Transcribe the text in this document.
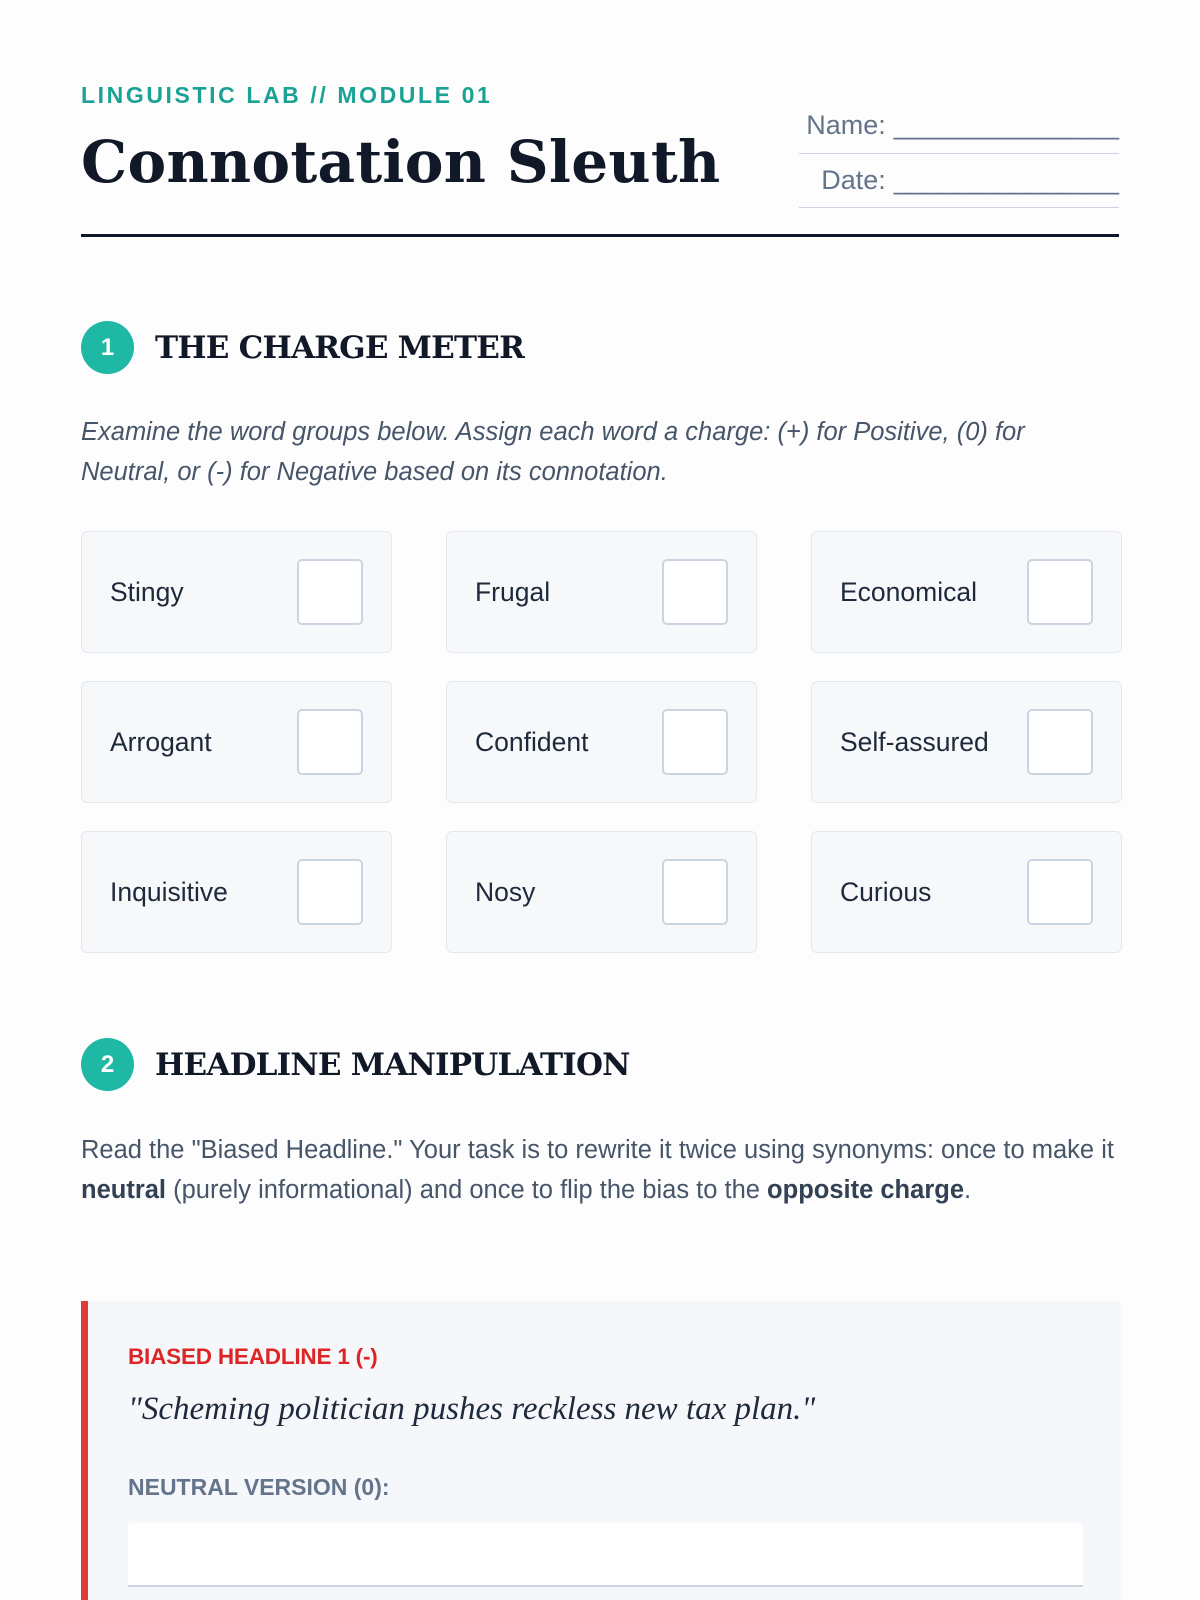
LINGUISTIC LAB // MODULE 01
Connotation Sleuth
Name: _______________
Date: _______________
1	THE CHARGE METER

Examine the word groups below. Assign each word a charge: (+) for Positive, (0) for Neutral, or (-) for Negative based on its connotation.

Stingy	Frugal	Economical
Arrogant	Confident	Self-assured
Inquisitive	Nosy	Curious
2	HEADLINE MANIPULATION

Read the "Biased Headline." Your task is to rewrite it twice using synonyms: once to make it neutral (purely informational) and once to flip the bias to the opposite charge.

BIASED HEADLINE 1 (-)
"Scheming politician pushes reckless new tax plan."
NEUTRAL VERSION (0):
